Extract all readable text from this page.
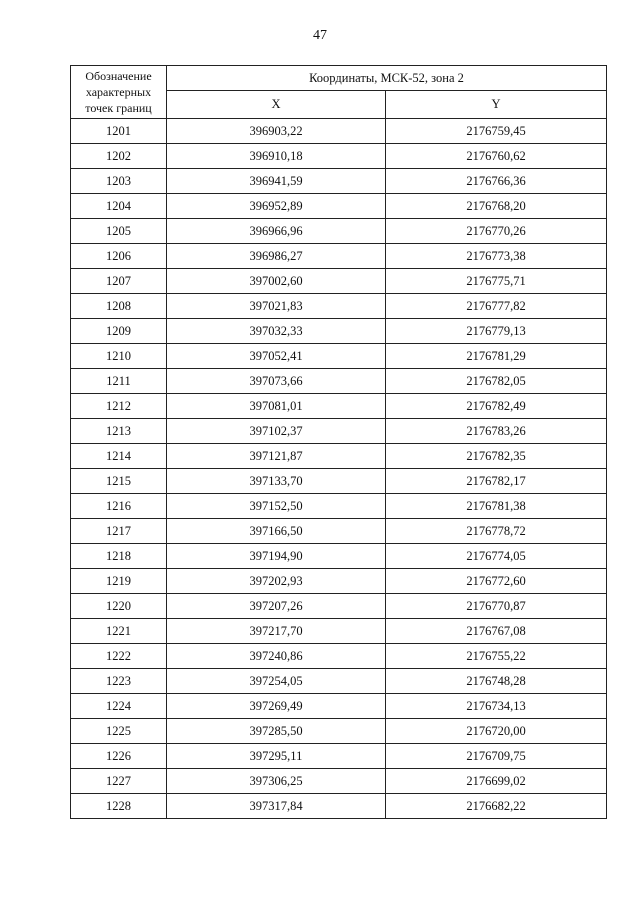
47
Обозначение характерных точек границ	Координаты, МСК-52, зона 2	
	X	Y
1201	396903,22	2176759,45
1202	396910,18	2176760,62
1203	396941,59	2176766,36
1204	396952,89	2176768,20
1205	396966,96	2176770,26
1206	396986,27	2176773,38
1207	397002,60	2176775,71
1208	397021,83	2176777,82
1209	397032,33	2176779,13
1210	397052,41	2176781,29
1211	397073,66	2176782,05
1212	397081,01	2176782,49
1213	397102,37	2176783,26
1214	397121,87	2176782,35
1215	397133,70	2176782,17
1216	397152,50	2176781,38
1217	397166,50	2176778,72
1218	397194,90	2176774,05
1219	397202,93	2176772,60
1220	397207,26	2176770,87
1221	397217,70	2176767,08
1222	397240,86	2176755,22
1223	397254,05	2176748,28
1224	397269,49	2176734,13
1225	397285,50	2176720,00
1226	397295,11	2176709,75
1227	397306,25	2176699,02
1228	397317,84	2176682,22
